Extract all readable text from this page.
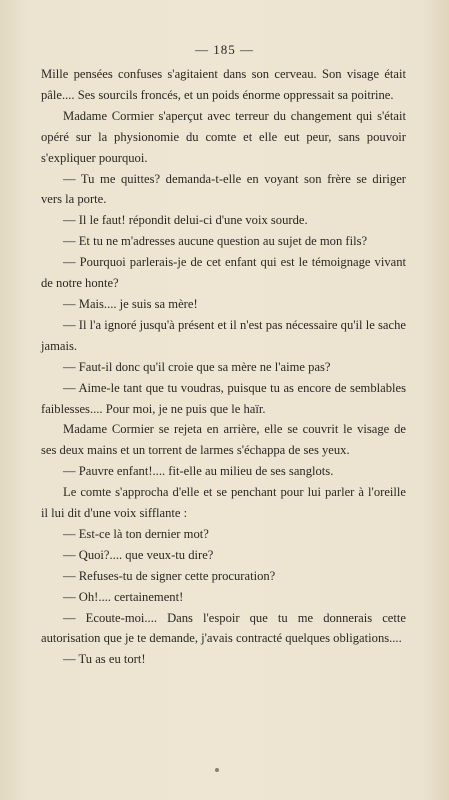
— 185 —

Mille pensées confuses s'agitaient dans son cerveau. Son visage était pâle.... Ses sourcils froncés, et un poids énorme oppressait sa poitrine.

Madame Cormier s'aperçut avec terreur du changement qui s'était opéré sur la physionomie du comte et elle eut peur, sans pouvoir s'expliquer pourquoi.

— Tu me quittes? demanda-t-elle en voyant son frère se diriger vers la porte.

— Il le faut! répondit delui-ci d'une voix sourde.

— Et tu ne m'adresses aucune question au sujet de mon fils?

— Pourquoi parlerais-je de cet enfant qui est le témoignage vivant de notre honte?

— Mais.... je suis sa mère!

— Il l'a ignoré jusqu'à présent et il n'est pas nécessaire qu'il le sache jamais.

— Faut-il donc qu'il croie que sa mère ne l'aime pas?

— Aime-le tant que tu voudras, puisque tu as encore de semblables faiblesses.... Pour moi, je ne puis que le haïr.

Madame Cormier se rejeta en arrière, elle se couvrit le visage de ses deux mains et un torrent de larmes s'échappa de ses yeux.

— Pauvre enfant!.... fit-elle au milieu de ses sanglots.

Le comte s'approcha d'elle et se penchant pour lui parler à l'oreille il lui dit d'une voix sifflante :

— Est-ce là ton dernier mot?

— Quoi?.... que veux-tu dire?

— Refuses-tu de signer cette procuration?

— Oh!.... certainement!

— Ecoute-moi.... Dans l'espoir que tu me donnerais cette autorisation que je te demande, j'avais contracté quelques obligations....

— Tu as eu tort!
